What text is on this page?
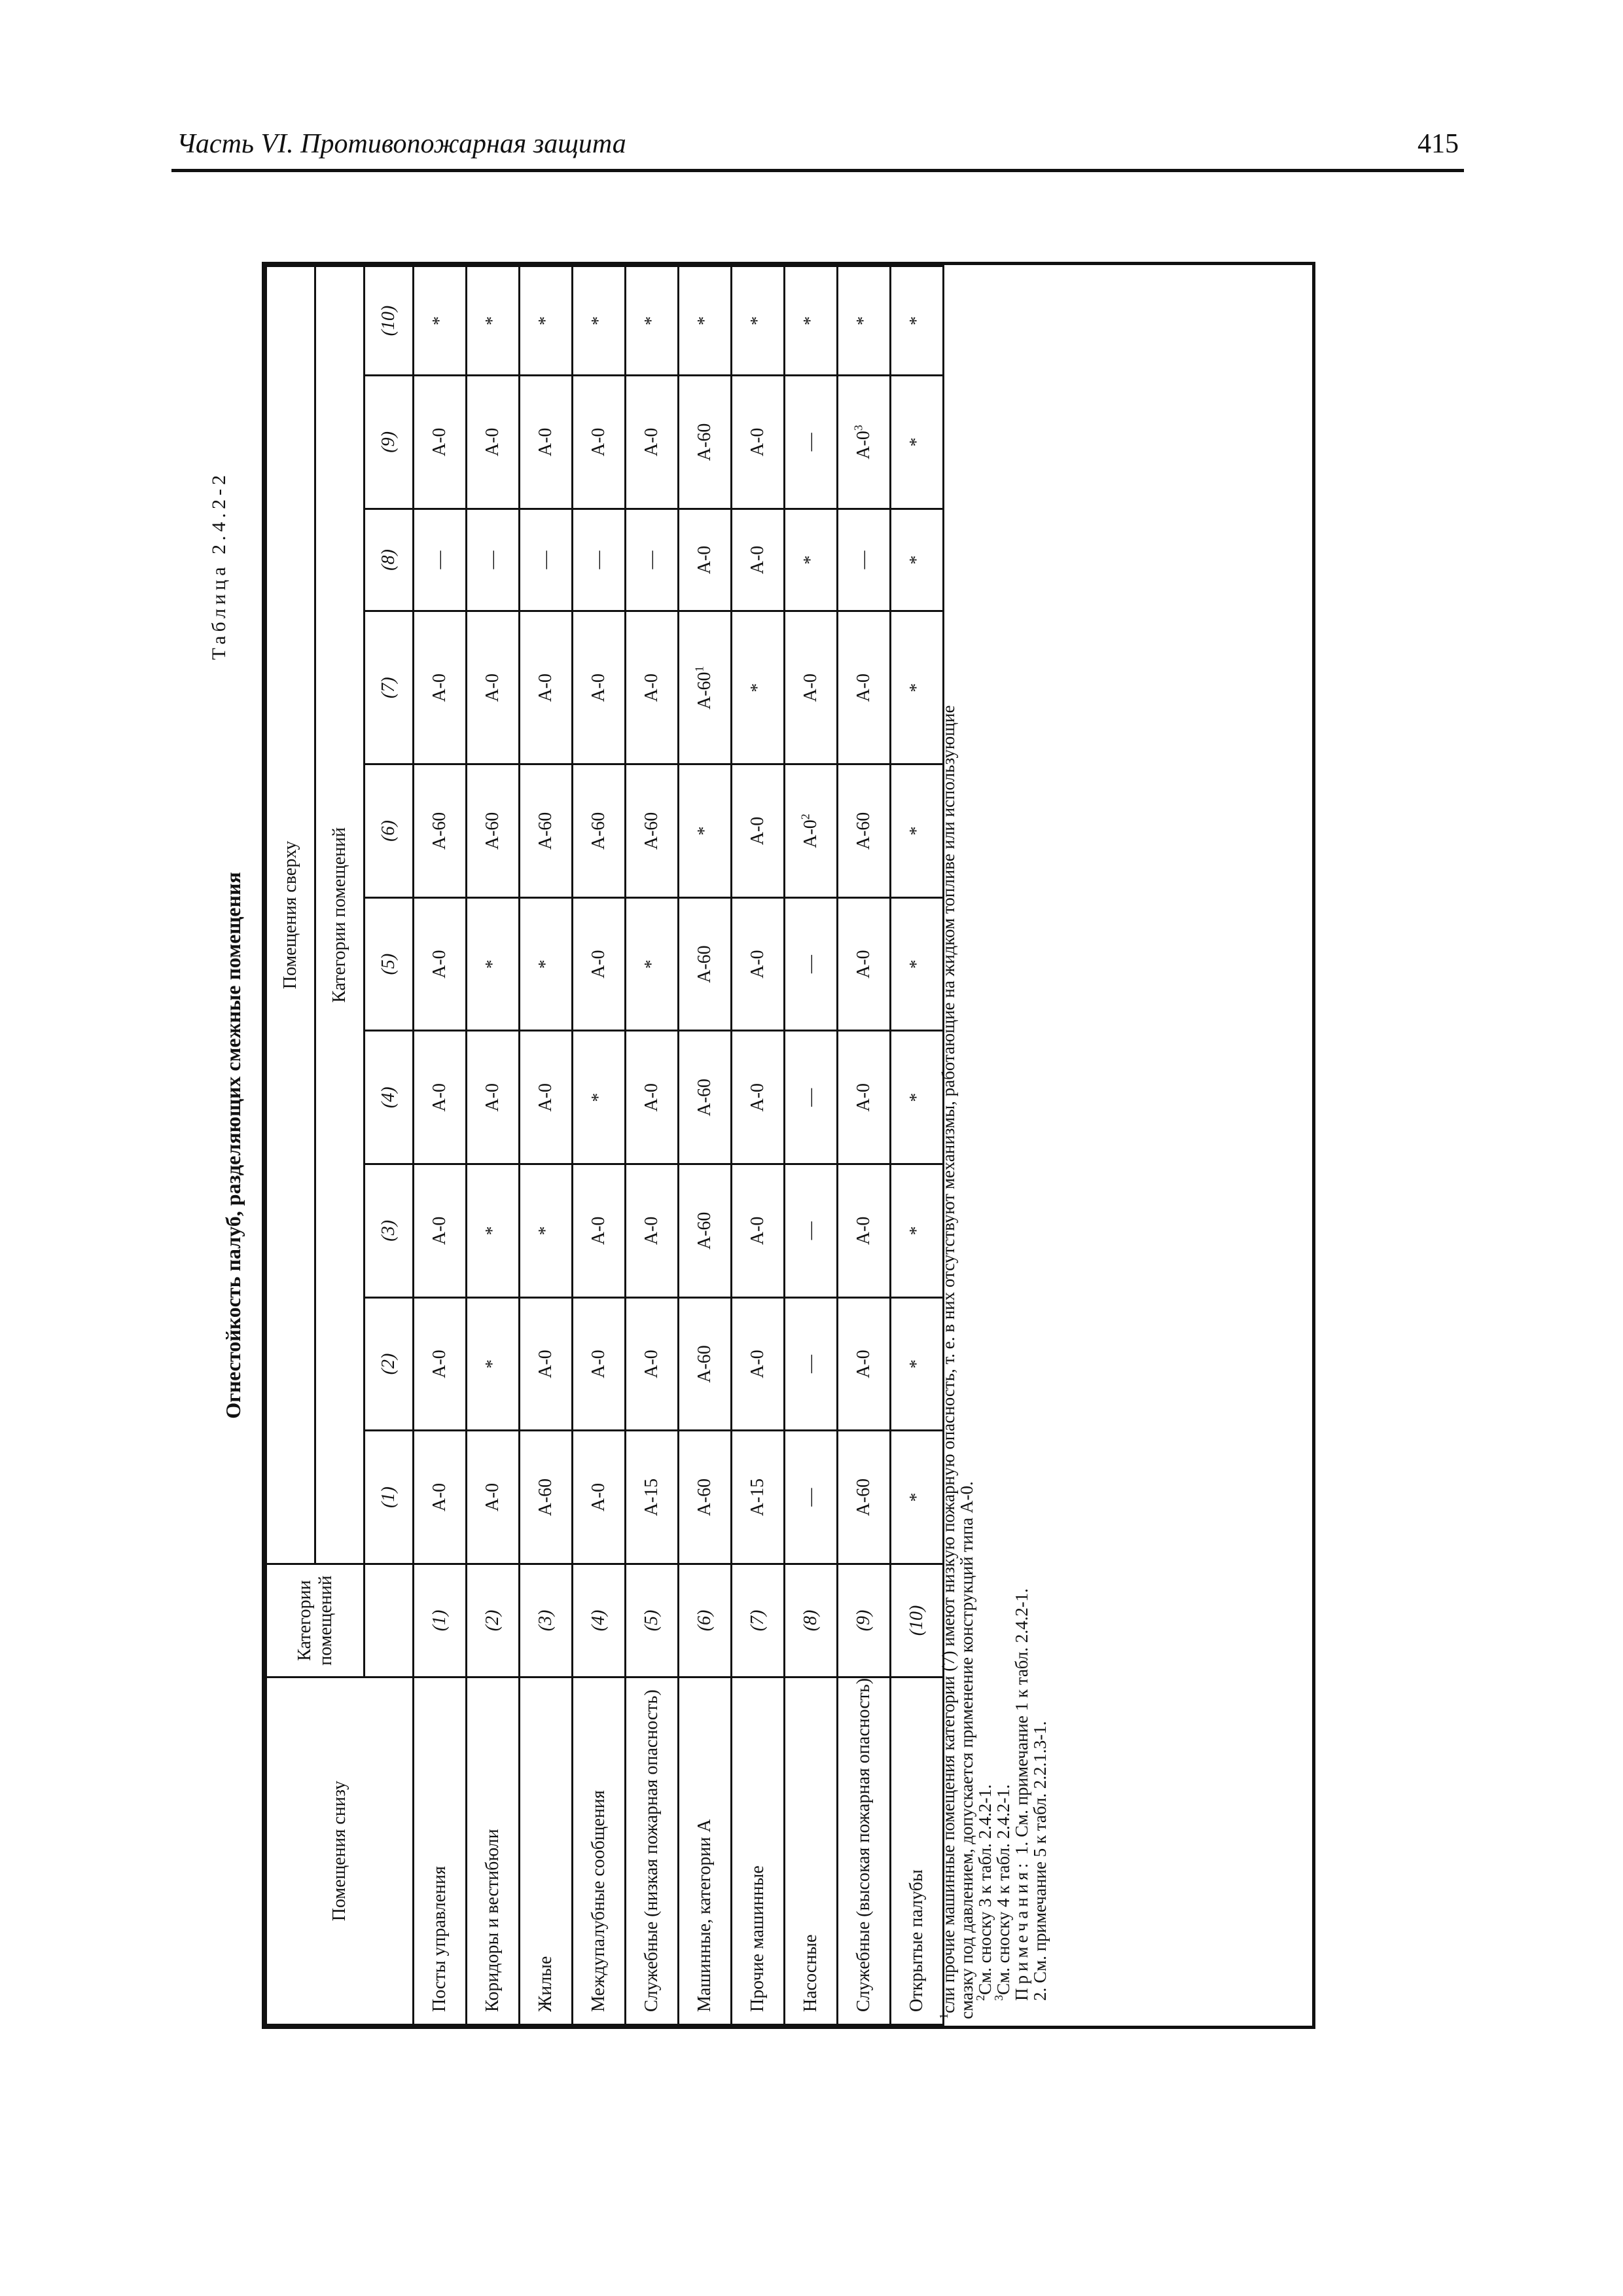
Часть VI. Противопожарная защита	415
Огнестойкость палуб, разделяющих смежные помещения
Таблица 2.4.2-2
Помещения снизу	Категории помещений	Помещения сверху									
		Категории помещений									
		(1)	(2)	(3)	(4)	(5)	(6)	(7)	(8)	(9)	(10)
Посты управления	(1)	A-0	A-0	A-0	A-0	A-0	A-60	A-0	—	A-0	*
Коридоры и вестибюли	(2)	A-0	*	*	A-0	*	A-60	A-0	—	A-0	*
Жилые	(3)	A-60	A-0	*	A-0	*	A-60	A-0	—	A-0	*
Междупалубные сообщения	(4)	A-0	A-0	A-0	*	A-0	A-60	A-0	—	A-0	*
Служебные (низкая пожарная опасность)	(5)	A-15	A-0	A-0	A-0	*	A-60	A-0	—	A-0	*
Машинные, категории A	(6)	A-60	A-60	A-60	A-60	A-60	*	$A-60^1$	A-0	A-60	*
Прочие машинные	(7)	A-15	A-0	A-0	A-0	A-0	A-0	*	A-0	A-0	*
Насосные	(8)	—	—	—	—	—	$A-0^2$	A-0	*	—	*
Служебные (высокая пожарная опасность)	(9)	A-60	A-0	A-0	A-0	A-0	A-60	A-0	—	$A-0^3$	*
Открытые палубы	(10)	*	*	*	*	*	*	*	*	*	*

$^1$сли прочие машинные помещения категории (7) имеют низкую пожарную опасность, т. е. в них отсутствуют механизмы, работающие на жидком топливе или использующие

смазку под давлением, допускается применение конструкций типа A-0.

$^2$См. сноску 3 к табл. 2.4.2-1.

$^3$См. сноску 4 к табл. 2.4.2-1.

Примечания: 1. См. примечание 1 к табл. 2.4.2-1.

2. См. примечание 5 к табл. 2.2.1.3-1.
